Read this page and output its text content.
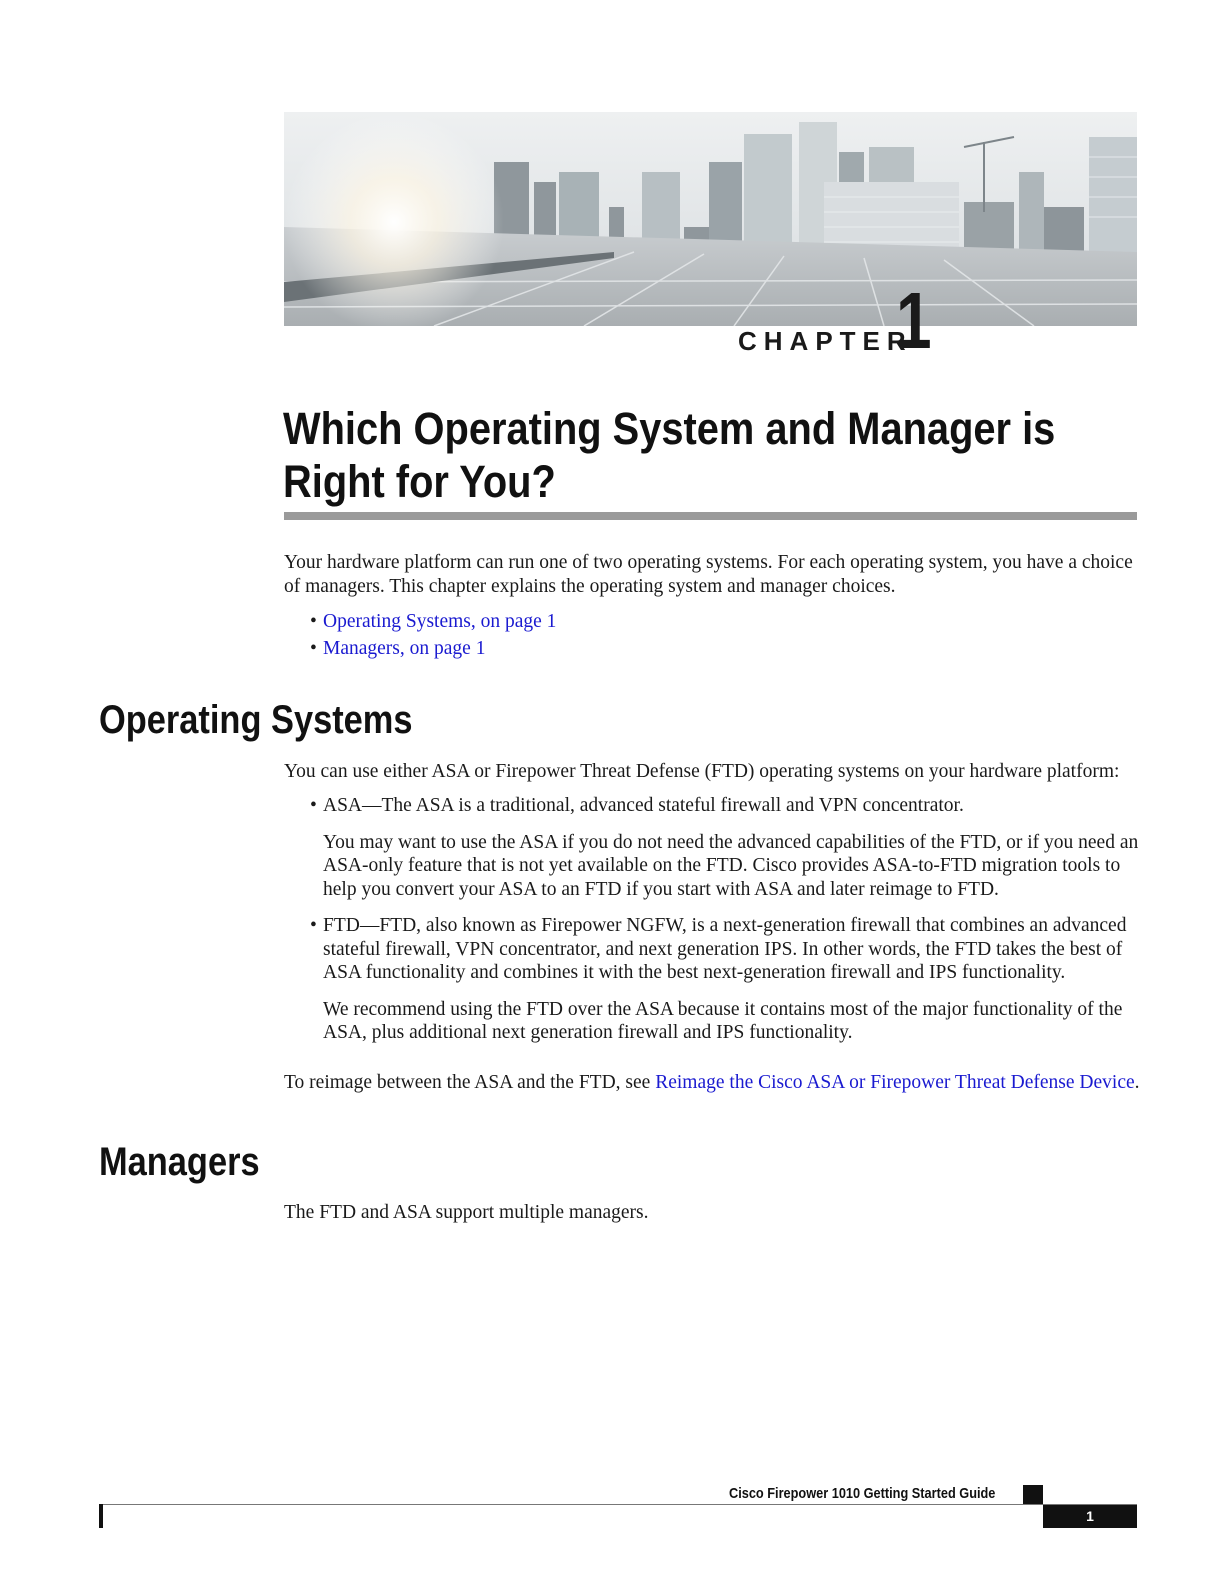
CHAPTER
1
Which Operating System and Manager is Right for You?

Your hardware platform can run one of two operating systems. For each operating system, you have a choice of managers. This chapter explains the operating system and manager choices.

• Operating Systems, on page 1
• Managers, on page 1
Operating Systems

You can use either ASA or Firepower Threat Defense (FTD) operating systems on your hardware platform:

• ASA—The ASA is a traditional, advanced stateful firewall and VPN concentrator.
You may want to use the ASA if you do not need the advanced capabilities of the FTD, or if you need an ASA-only feature that is not yet available on the FTD. Cisco provides ASA-to-FTD migration tools to help you convert your ASA to an FTD if you start with ASA and later reimage to FTD.
• FTD—FTD, also known as Firepower NGFW, is a next-generation firewall that combines an advanced stateful firewall, VPN concentrator, and next generation IPS. In other words, the FTD takes the best of ASA functionality and combines it with the best next-generation firewall and IPS functionality.
We recommend using the FTD over the ASA because it contains most of the major functionality of the ASA, plus additional next generation firewall and IPS functionality.

To reimage between the ASA and the FTD, see Reimage the Cisco ASA or Firepower Threat Defense Device.

Managers

The FTD and ASA support multiple managers.

Cisco Firepower 1010 Getting Started Guide
1
